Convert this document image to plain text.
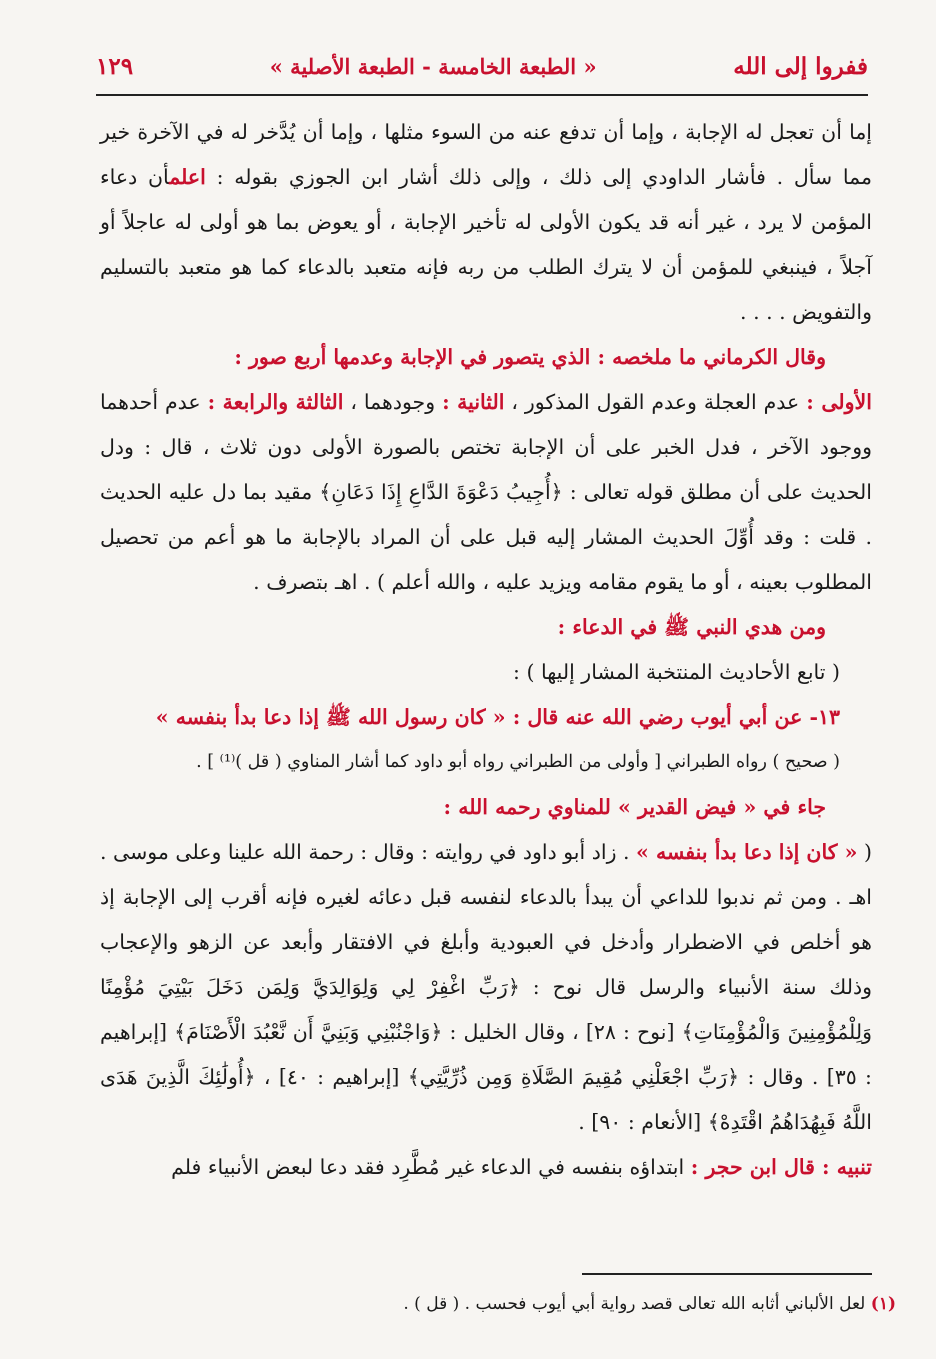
ففروا إلى الله
« الطبعة الخامسة - الطبعة الأصلية »
١٢٩

إما أن تعجل له الإجابة ، وإما أن تدفع عنه من السوء مثلها ، وإما أن يُدَّخر له في الآخرة خير مما سأل . فأشار الداودي إلى ذلك ، وإلى ذلك أشار ابن الجوزي بقوله : اعلمأن دعاء المؤمن لا يرد ، غير أنه قد يكون الأولى له تأخير الإجابة ، أو يعوض بما هو أولى له عاجلاً أو آجلاً ، فينبغي للمؤمن أن لا يترك الطلب من ربه فإنه متعبد بالدعاء كما هو متعبد بالتسليم والتفويض . . . .

وقال الكرماني ما ملخصه : الذي يتصور في الإجابة وعدمها أربع صور :

الأولى : عدم العجلة وعدم القول المذكور ، الثانية : وجودهما ، الثالثة والرابعة : عدم أحدهما ووجود الآخر ، فدل الخبر على أن الإجابة تختص بالصورة الأولى دون ثلاث ، قال : ودل الحديث على أن مطلق قوله تعالى : ﴿أُجِيبُ دَعْوَةَ الدَّاعِ إِذَا دَعَانِ﴾ مقيد بما دل عليه الحديث . قلت : وقد أُوِّلَ الحديث المشار إليه قبل على أن المراد بالإجابة ما هو أعم من تحصيل المطلوب بعينه ، أو ما يقوم مقامه ويزيد عليه ، والله أعلم ) . اهـ بتصرف .

ومن هدي النبي ﷺ في الدعاء :

( تابع الأحاديث المنتخبة المشار إليها ) :

١٣- عن أبي أيوب رضي الله عنه قال : « كان رسول الله ﷺ إذا دعا بدأ بنفسه »

( صحيح ) رواه الطبراني [ وأولى من الطبراني رواه أبو داود كما أشار المناوي ( قل )⁽¹⁾ ] .

جاء في « فيض القدير » للمناوي رحمه الله :

( « كان إذا دعا بدأ بنفسه » . زاد أبو داود في روايته : وقال : رحمة الله علينا وعلى موسى . اهـ . ومن ثم ندبوا للداعي أن يبدأ بالدعاء لنفسه قبل دعائه لغيره فإنه أقرب إلى الإجابة إذ هو أخلص في الاضطرار وأدخل في العبودية وأبلغ في الافتقار وأبعد عن الزهو والإعجاب وذلك سنة الأنبياء والرسل قال نوح : ﴿رَبِّ اغْفِرْ لِي وَلِوَالِدَيَّ وَلِمَن دَخَلَ بَيْتِيَ مُؤْمِنًا وَلِلْمُؤْمِنِينَ وَالْمُؤْمِنَاتِ﴾ [نوح : ٢٨] ، وقال الخليل : ﴿وَاجْنُبْنِي وَبَنِيَّ أَن نَّعْبُدَ الْأَصْنَامَ﴾ [إبراهيم : ٣٥] . وقال : ﴿رَبِّ اجْعَلْنِي مُقِيمَ الصَّلَاةِ وَمِن ذُرِّيَّتِي﴾ [إبراهيم : ٤٠] ، ﴿أُولَٰئِكَ الَّذِينَ هَدَى اللَّهُ فَبِهُدَاهُمُ اقْتَدِهْ﴾ [الأنعام : ٩٠] .

تنبيه : قال ابن حجر : ابتداؤه بنفسه في الدعاء غير مُطَّرِد فقد دعا لبعض الأنبياء فلم

(١) لعل الألباني أثابه الله تعالى قصد رواية أبي أيوب فحسب . ( قل ) .
